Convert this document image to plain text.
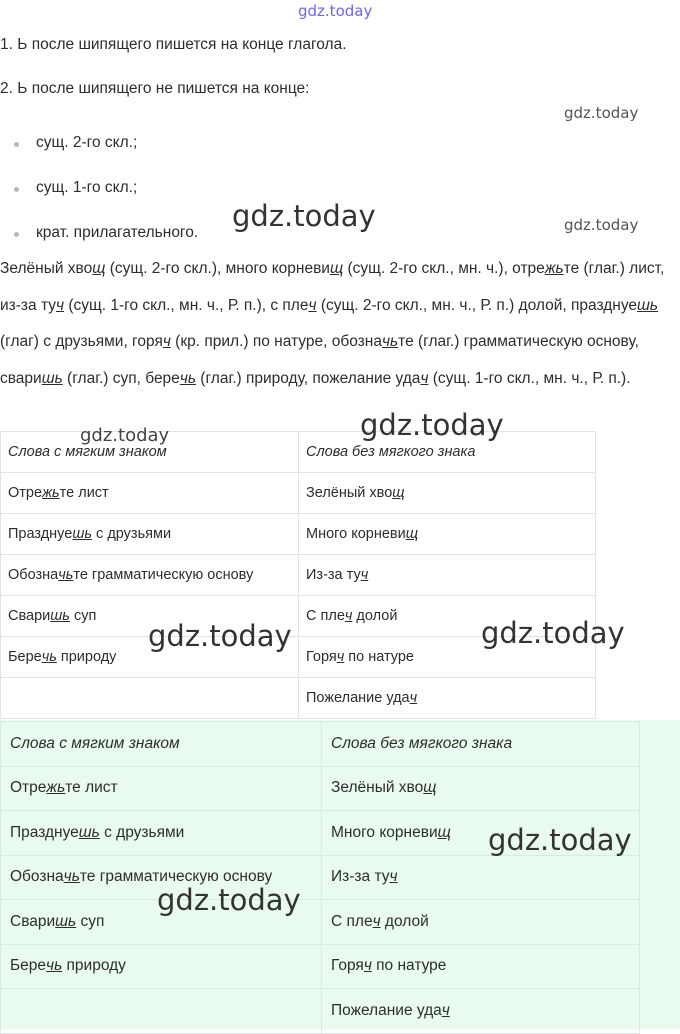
gdz.today
gdz.today
gdz.today
1. Ь после шипящего пишется на конце глагола.
2. Ь после шипящего не пишется на конце:
сущ. 2-го скл.;
сущ. 1-го скл.;
крат. прилагательного.
Зелёный хвощ (сущ. 2-го скл.), много корневищ (сущ. 2-го скл., мн. ч.), отрежьте (глаг.) лист, из-за туч (сущ. 1-го скл., мн. ч., Р. п.), с плеч (сущ. 2-го скл., мн. ч., Р. п.) долой, празднуешь (глаг) с друзьями, горяч (кр. прил.) по натуре, обозначьте (глаг.) грамматическую основу, сваришь (глаг.) суп, беречь (глаг.) природу, пожелание удач (сущ. 1-го скл., мн. ч., Р. п.).
Слова с мягким знаком	Слова без мягкого знака
Отрежьте лист	Зелёный хвощ
Празднуешь с друзьями	Много корневищ
Обозначьте грамматическую основу	Из-за туч
Сваришь суп	С плеч долой
Беречь природу	Горяч по натуре
	Пожелание удач
Слова с мягким знаком	Слова без мягкого знака
Отрежьте лист	Зелёный хвощ
Празднуешь с друзьями	Много корневищ
Обозначьте грамматическую основу	Из-за туч
Сваришь суп	С плеч долой
Беречь природу	Горяч по натуре
	Пожелание удач
gdz.today
gdz.today	gdz.today
gdz.today	gdz.today
gdz.today
gdz.today
